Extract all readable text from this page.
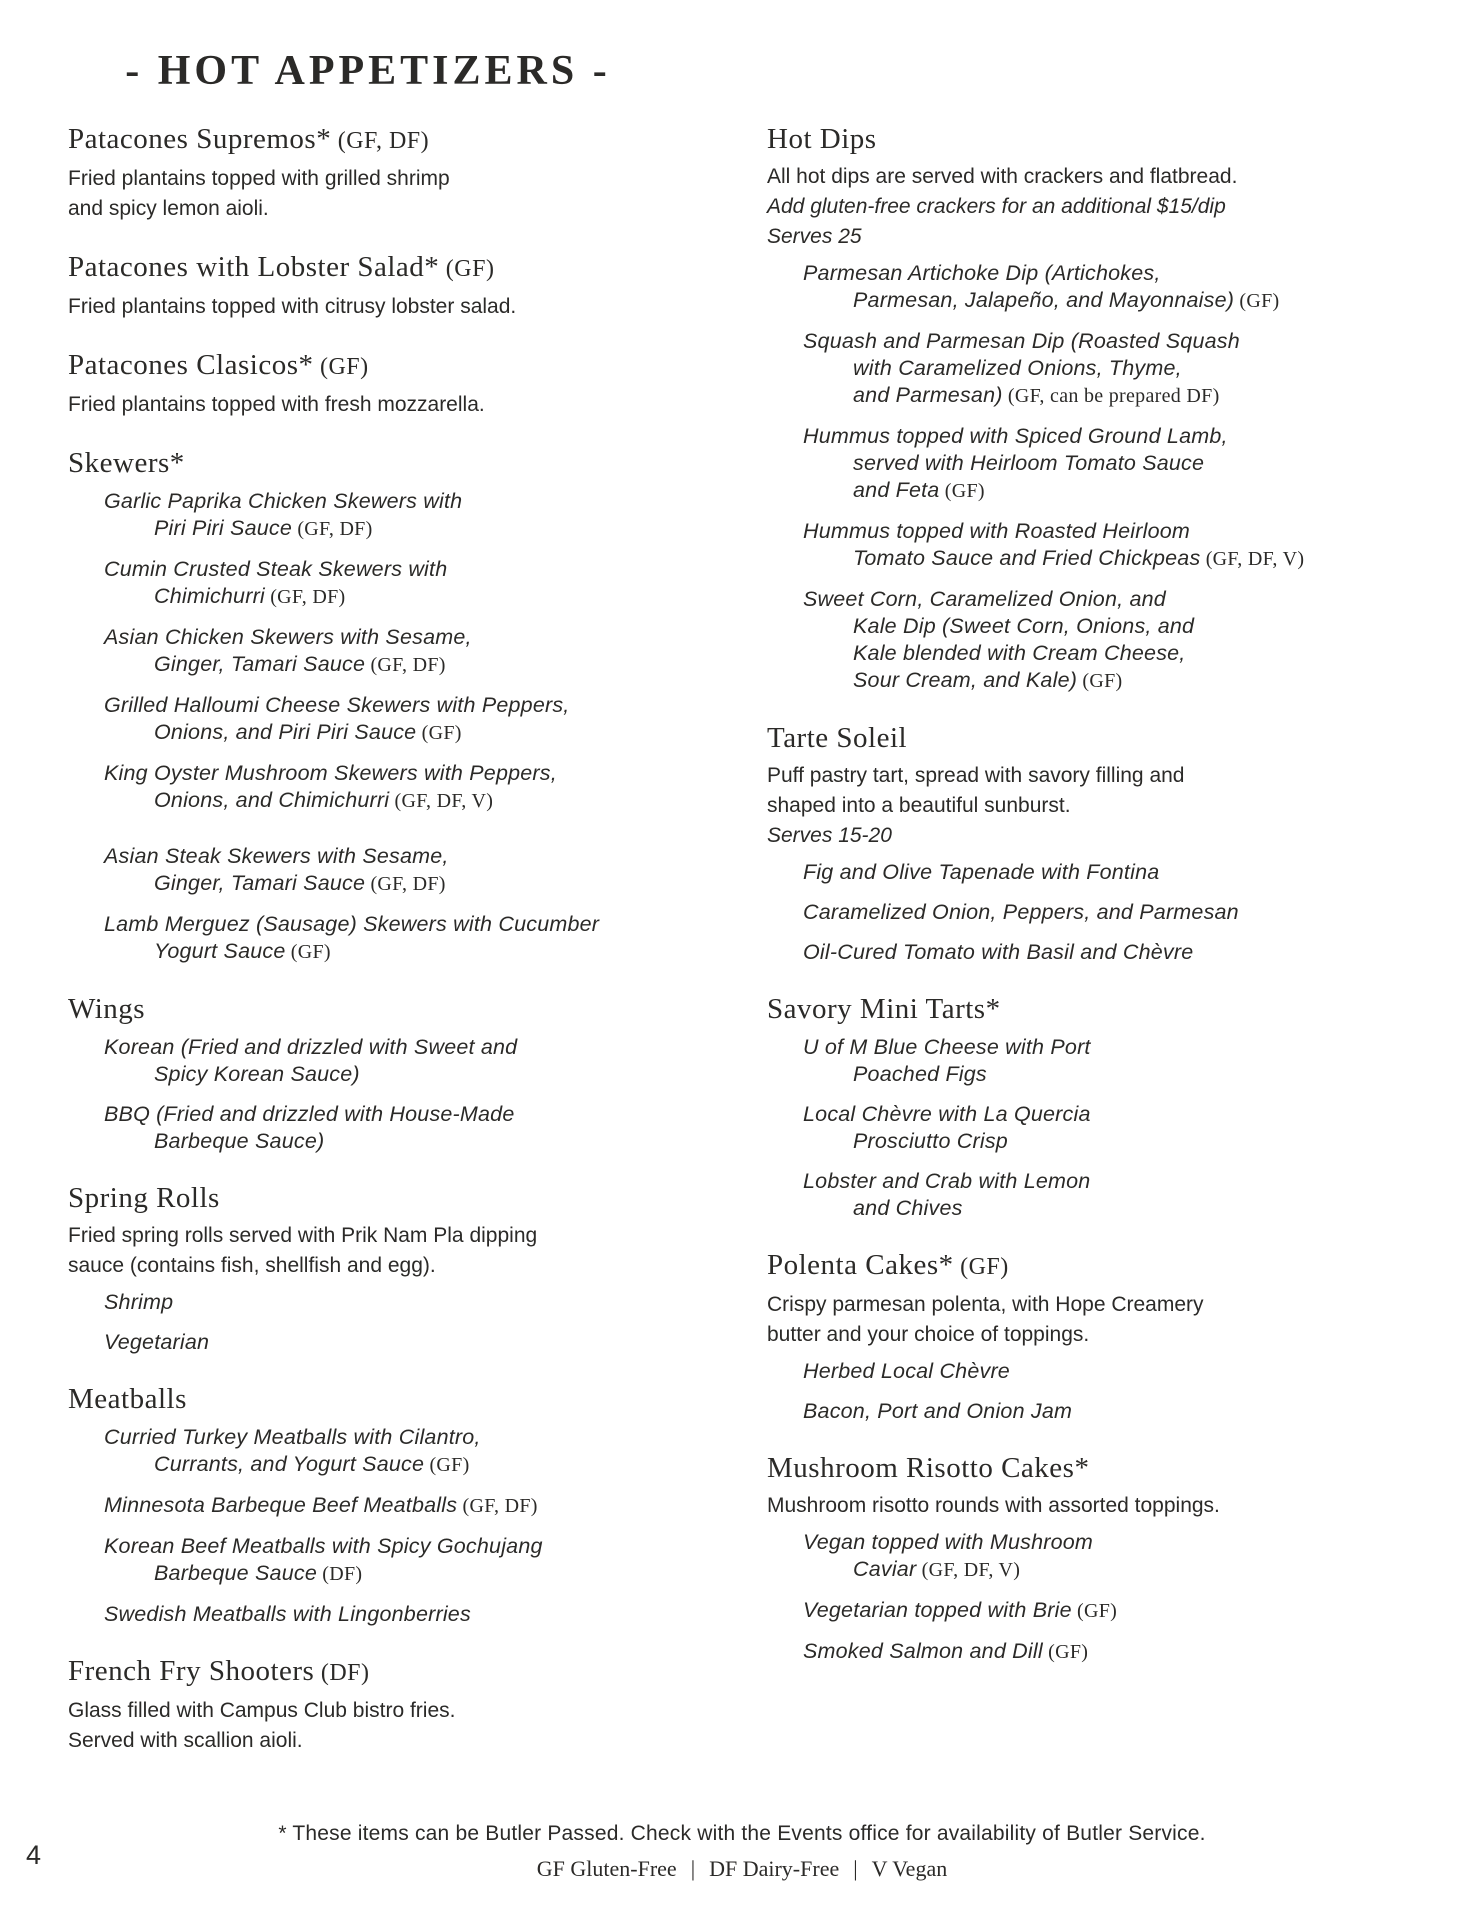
- HOT APPETIZERS -
Patacones Supremos* (GF, DF)

Fried plantains topped with grilled shrimp

and spicy lemon aioli.

Patacones with Lobster Salad* (GF)

Fried plantains topped with citrusy lobster salad.

Patacones Clasicos* (GF)

Fried plantains topped with fresh mozzarella.

Skewers*
Garlic Paprika Chicken Skewers with
Piri Piri Sauce (GF, DF)
Cumin Crusted Steak Skewers with
Chimichurri (GF, DF)
Asian Chicken Skewers with Sesame,
Ginger, Tamari Sauce (GF, DF)
Grilled Halloumi Cheese Skewers with Peppers,
Onions, and Piri Piri Sauce (GF)
King Oyster Mushroom Skewers with Peppers,
Onions, and Chimichurri (GF, DF, V)
Asian Steak Skewers with Sesame,
Ginger, Tamari Sauce (GF, DF)
Lamb Merguez (Sausage) Skewers with Cucumber
Yogurt Sauce (GF)
Wings
Korean (Fried and drizzled with Sweet and
Spicy Korean Sauce)
BBQ (Fried and drizzled with House-Made
Barbeque Sauce)
Spring Rolls

Fried spring rolls served with Prik Nam Pla dipping

sauce (contains fish, shellfish and egg).

Shrimp
Vegetarian
Meatballs
Curried Turkey Meatballs with Cilantro,
Currants, and Yogurt Sauce (GF)
Minnesota Barbeque Beef Meatballs (GF, DF)
Korean Beef Meatballs with Spicy Gochujang
Barbeque Sauce (DF)
Swedish Meatballs with Lingonberries
French Fry Shooters (DF)

Glass filled with Campus Club bistro fries.

Served with scallion aioli.

Hot Dips

All hot dips are served with crackers and flatbread.

Add gluten-free crackers for an additional $15/dip

Serves 25

Parmesan Artichoke Dip (Artichokes,
Parmesan, Jalapeño, and Mayonnaise) (GF)
Squash and Parmesan Dip (Roasted Squash
with Caramelized Onions, Thyme,
and Parmesan) (GF, can be prepared DF)
Hummus topped with Spiced Ground Lamb,
served with Heirloom Tomato Sauce
and Feta (GF)
Hummus topped with Roasted Heirloom
Tomato Sauce and Fried Chickpeas (GF, DF, V)
Sweet Corn, Caramelized Onion, and
Kale Dip (Sweet Corn, Onions, and
Kale blended with Cream Cheese,
Sour Cream, and Kale) (GF)
Tarte Soleil

Puff pastry tart, spread with savory filling and

shaped into a beautiful sunburst.

Serves 15-20

Fig and Olive Tapenade with Fontina
Caramelized Onion, Peppers, and Parmesan
Oil-Cured Tomato with Basil and Chèvre
Savory Mini Tarts*
U of M Blue Cheese with Port
Poached Figs
Local Chèvre with La Quercia
Prosciutto Crisp
Lobster and Crab with Lemon
and Chives
Polenta Cakes* (GF)

Crispy parmesan polenta, with Hope Creamery

butter and your choice of toppings.

Herbed Local Chèvre
Bacon, Port and Onion Jam
Mushroom Risotto Cakes*

Mushroom risotto rounds with assorted toppings.

Vegan topped with Mushroom
Caviar (GF, DF, V)
Vegetarian topped with Brie (GF)
Smoked Salmon and Dill (GF)
* These items can be Butler Passed. Check with the Events office for availability of Butler Service.
GF Gluten-Free | DF Dairy-Free | V Vegan
4
